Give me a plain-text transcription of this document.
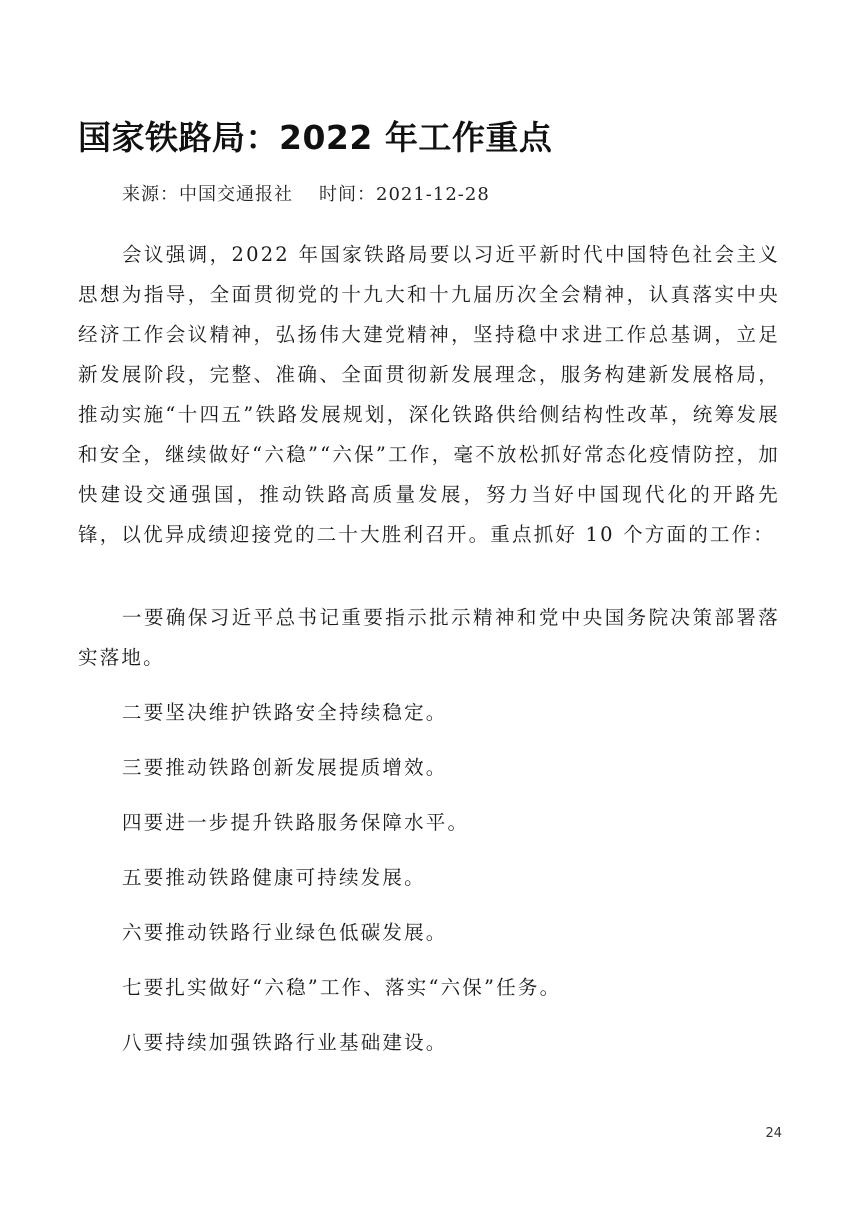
国家铁路局：2022 年工作重点
来源：中国交通报社 时间：2021-12-28

会议强调，2022 年国家铁路局要以习近平新时代中国特色社会主义思想为指导，全面贯彻党的十九大和十九届历次全会精神，认真落实中央经济工作会议精神，弘扬伟大建党精神，坚持稳中求进工作总基调，立足新发展阶段，完整、准确、全面贯彻新发展理念，服务构建新发展格局，推动实施“十四五”铁路发展规划，深化铁路供给侧结构性改革，统筹发展和安全，继续做好“六稳”“六保”工作，毫不放松抓好常态化疫情防控，加快建设交通强国，推动铁路高质量发展，努力当好中国现代化的开路先锋，以优异成绩迎接党的二十大胜利召开。重点抓好 10 个方面的工作：

一要确保习近平总书记重要指示批示精神和党中央国务院决策部署落实落地。
二要坚决维护铁路安全持续稳定。
三要推动铁路创新发展提质增效。
四要进一步提升铁路服务保障水平。
五要推动铁路健康可持续发展。
六要推动铁路行业绿色低碳发展。
七要扎实做好“六稳”工作、落实“六保”任务。
八要持续加强铁路行业基础建设。
24
